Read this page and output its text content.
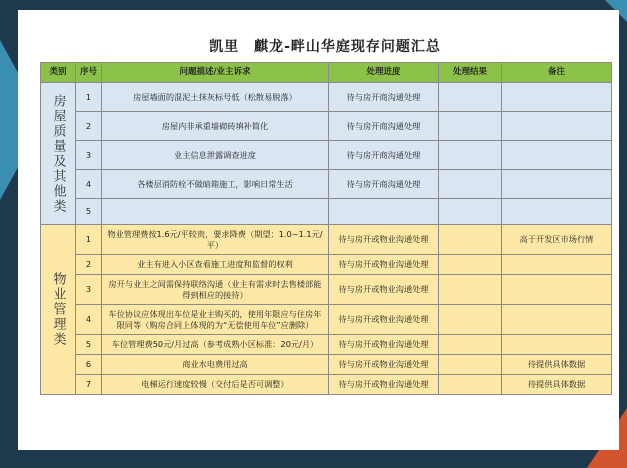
凯里　麒龙-畔山华庭现存问题汇总
类别	序号	问题描述/业主诉求	处理进度	处理结果	备注

房屋质量及其他类	1	房屋墙面的混泥土抹灰标号低（松散易脱落）	待与房开商沟通处理		
	2	房屋内非承重墙砌砖填补简化	待与房开商沟通处理		
	3	业主信息泄露调查进度	待与房开商沟通处理		
	4	各楼层消防栓不做暗箱施工，影响日常生活	待与房开商沟通处理		
	5				

物业管理类	1	物业管理费按1.6元/平较贵，要求降费（期望：1.0~1.1元/平）	待与房开或物业沟通处理		高于开发区市场行情
	2	业主有进入小区查看施工进度和监督的权利	待与房开或物业沟通处理		
	3	房开与业主之间需保持联络沟通（业主有需求时去售楼部能得到相应的接待）	待与房开或物业沟通处理		
	4	车位协议应体现出车位是业主购买的，使用年限应与住房年限同等（购房合同上体现的为“无偿使用车位”应删除）	待与房开或物业沟通处理		
	5	车位管理费50元/月过高（参考成熟小区标准：20元/月）	待与房开或物业沟通处理		
	6	商业水电费用过高	待与房开或物业沟通处理		待提供具体数据
	7	电梯运行速度较慢（交付后是否可调整）	待与房开或物业沟通处理		待提供具体数据
